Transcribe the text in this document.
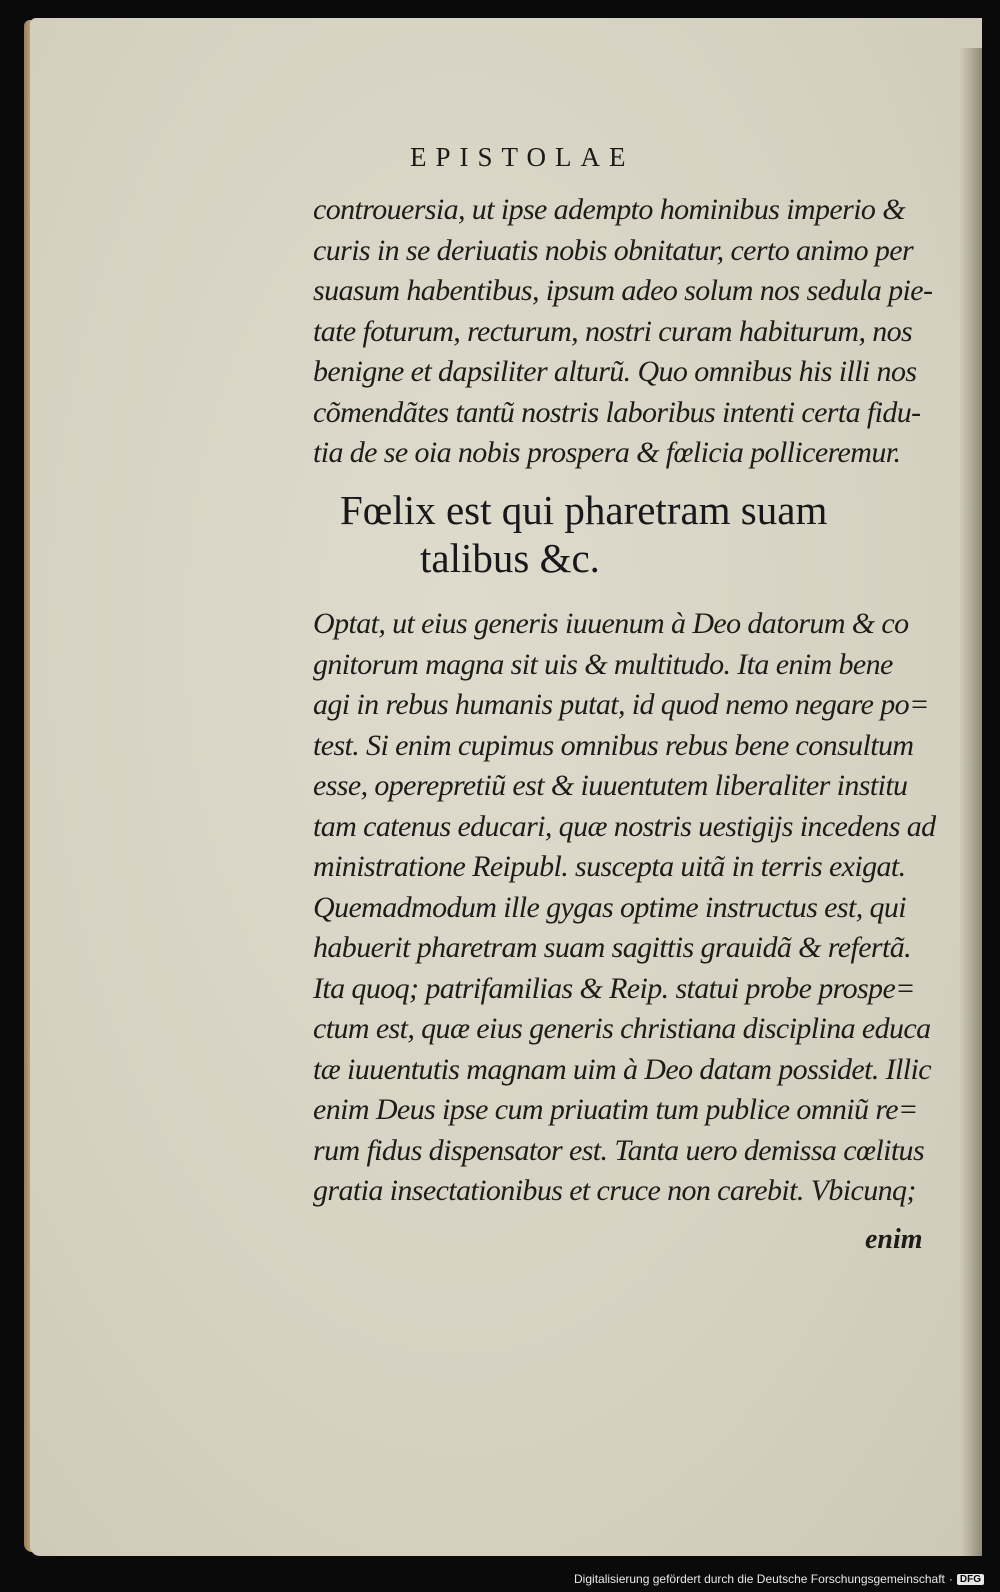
EPISTOLAE
controuersia, ut ipse adempto hominibus imperio &
curis in se deriuatis nobis obnitatur, certo animo per
suasum habentibus, ipsum adeo solum nos sedula pie-
tate foturum, recturum, nostri curam habiturum, nos
benigne et dapsiliter alturũ. Quo omnibus his illi nos
cõmendãtes tantũ nostris laboribus intenti certa fidu-
tia de se oia nobis prospera & fœlicia polliceremur.
Fœlix est qui pharetram suam
talibus &c.
Optat, ut eius generis iuuenum à Deo datorum & co
gnitorum magna sit uis & multitudo. Ita enim bene
agi in rebus humanis putat, id quod nemo negare po=
test. Si enim cupimus omnibus rebus bene consultum
esse, operepretiũ est & iuuentutem liberaliter institu
tam catenus educari, quæ nostris uestigijs incedens ad
ministratione Reipubl. suscepta uitã in terris exigat.
Quemadmodum ille gygas optime instructus est, qui
habuerit pharetram suam sagittis grauidã & refertã.
Ita quoq; patrifamilias & Reip. statui probe prospe=
ctum est, quæ eius generis christiana disciplina educa
tæ iuuentutis magnam uim à Deo datam possidet. Illic
enim Deus ipse cum priuatim tum publice omniũ re=
rum fidus dispensator est. Tanta uero demissa cœlitus
gratia insectationibus et cruce non carebit. Vbicunq;
enim
Digitalisierung gefördert durch die Deutsche Forschungsgemeinschaft · DFG
